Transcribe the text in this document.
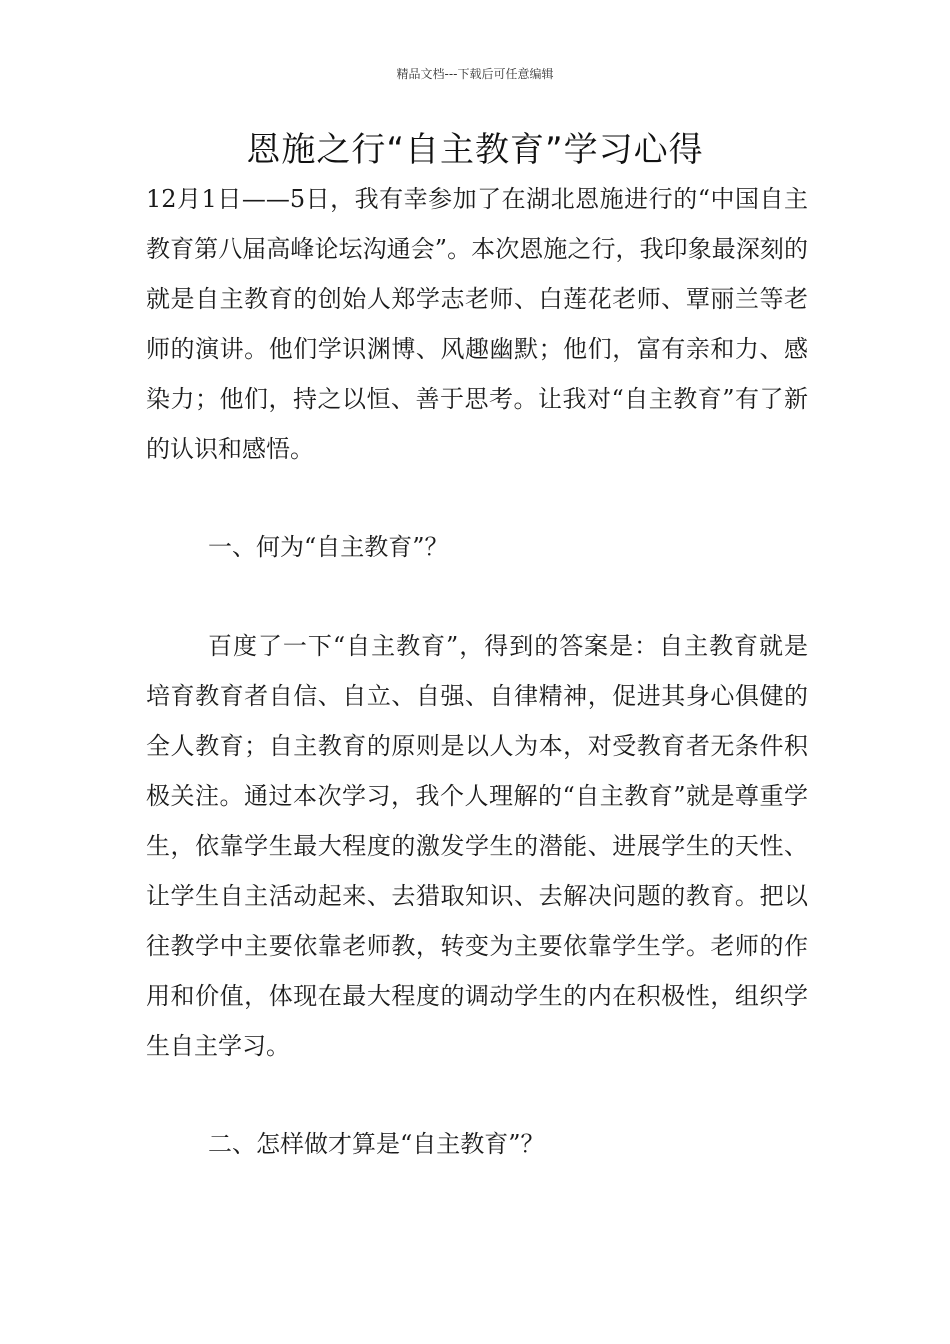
精品文档---下载后可任意编辑
恩施之行“自主教育”学习心得

12月1日——5日，我有幸参加了在湖北恩施进行的“中国自主教育第八届高峰论坛沟通会”。本次恩施之行，我印象最深刻的就是自主教育的创始人郑学志老师、白莲花老师、覃丽兰等老师的演讲。他们学识渊博、风趣幽默；他们，富有亲和力、感染力；他们，持之以恒、善于思考。让我对“自主教育”有了新的认识和感悟。

一、何为“自主教育”？

百度了一下“自主教育”，得到的答案是：自主教育就是培育教育者自信、自立、自强、自律精神，促进其身心俱健的全人教育；自主教育的原则是以人为本，对受教育者无条件积极关注。通过本次学习，我个人理解的“自主教育”就是尊重学生，依靠学生最大程度的激发学生的潜能、进展学生的天性、让学生自主活动起来、去猎取知识、去解决问题的教育。把以往教学中主要依靠老师教，转变为主要依靠学生学。老师的作用和价值，体现在最大程度的调动学生的内在积极性，组织学生自主学习。

二、怎样做才算是“自主教育”？
